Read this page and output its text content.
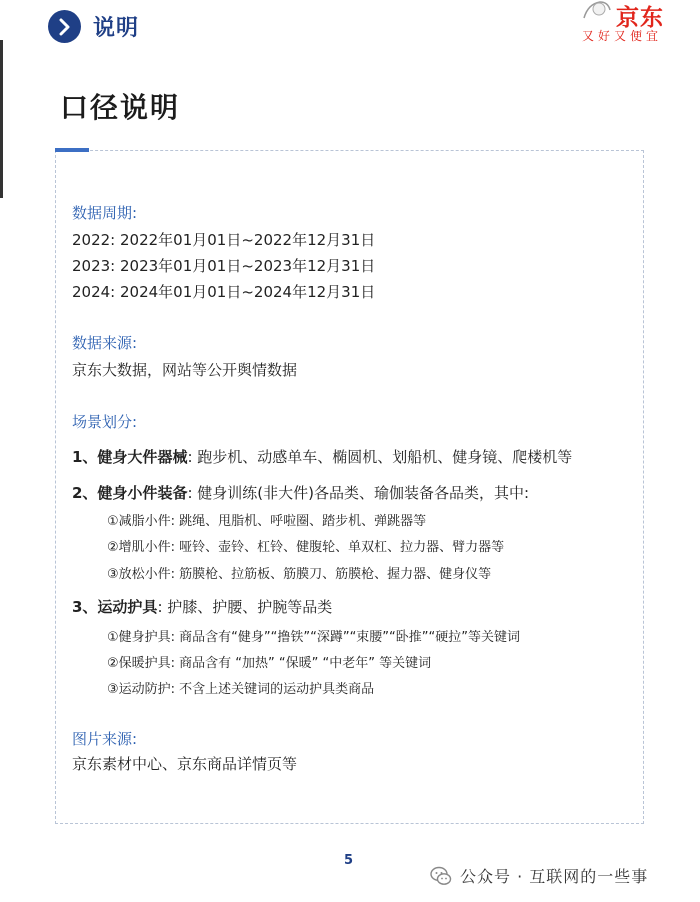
说明	京东
又好又便宜
口径说明
数据周期:
2022: 2022年01月01日~2022年12月31日
2023: 2023年01月01日~2023年12月31日
2024: 2024年01月01日~2024年12月31日
数据来源:
京东大数据，网站等公开舆情数据
场景划分:
1、健身大件器械: 跑步机、动感单车、椭圆机、划船机、健身镜、爬楼机等
2、健身小件装备: 健身训练(非大件)各品类、瑜伽装备各品类，其中:
①减脂小件: 跳绳、甩脂机、呼啦圈、踏步机、弹跳器等
②增肌小件: 哑铃、壶铃、杠铃、健腹轮、单双杠、拉力器、臂力器等
③放松小件: 筋膜枪、拉筋板、筋膜刀、筋膜枪、握力器、健身仪等
3、运动护具: 护膝、护腰、护腕等品类
①健身护具: 商品含有“健身”“撸铁”“深蹲”“束腰”“卧推”“硬拉”等关键词
②保暖护具: 商品含有 “加热” “保暖” “中老年” 等关键词
③运动防护: 不含上述关键词的运动护具类商品
图片来源:
京东素材中心、京东商品详情页等
5
公众号 · 互联网的一些事
